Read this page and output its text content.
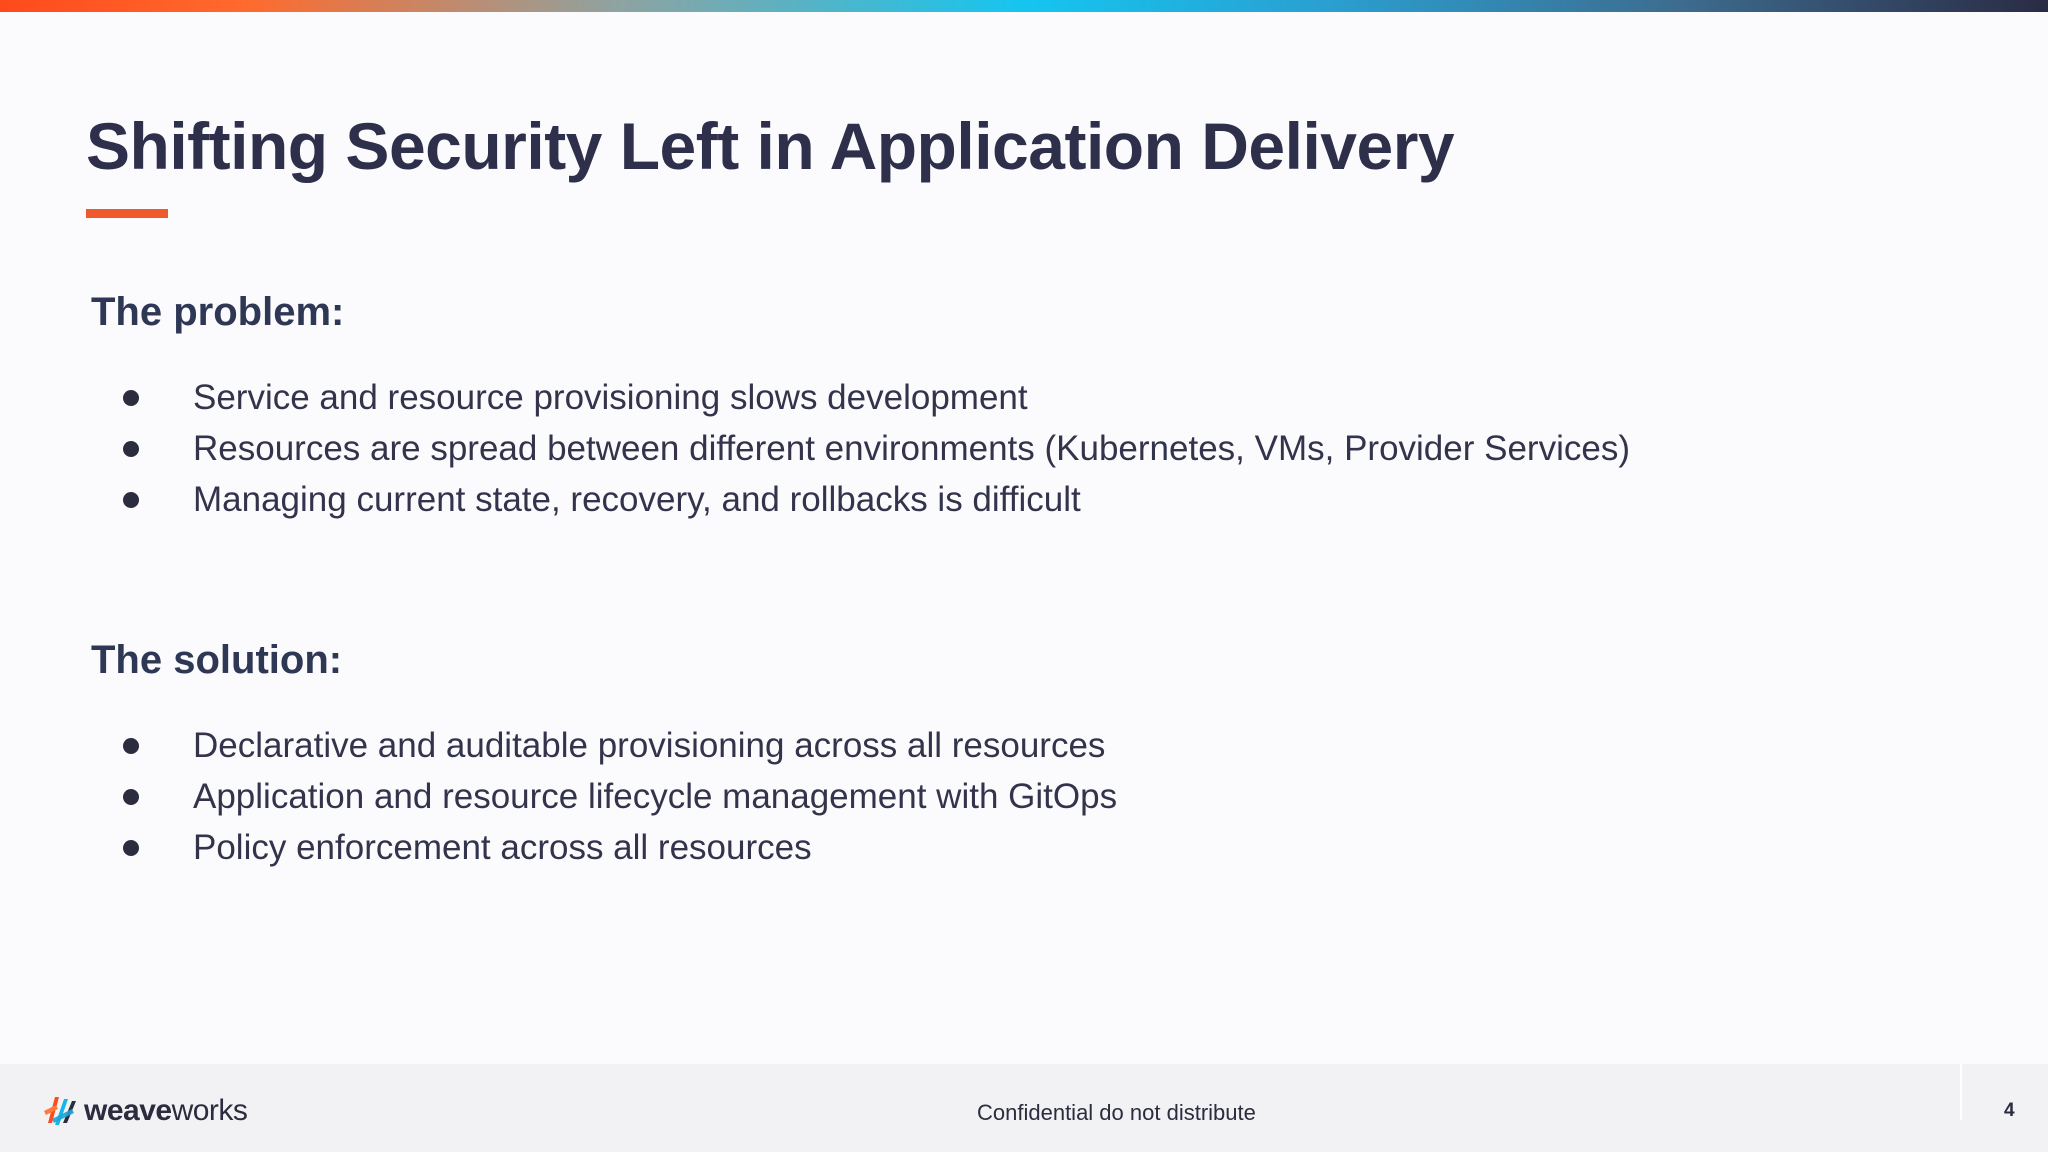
Shifting Security Left in Application Delivery
The problem:
Service and resource provisioning slows development
Resources are spread between different environments (Kubernetes, VMs, Provider Services)
Managing current state, recovery, and rollbacks is difficult
The solution:
Declarative and auditable provisioning across all resources
Application and resource lifecycle management with GitOps
Policy enforcement across all resources
weaveworks	Confidential do not distribute	4
